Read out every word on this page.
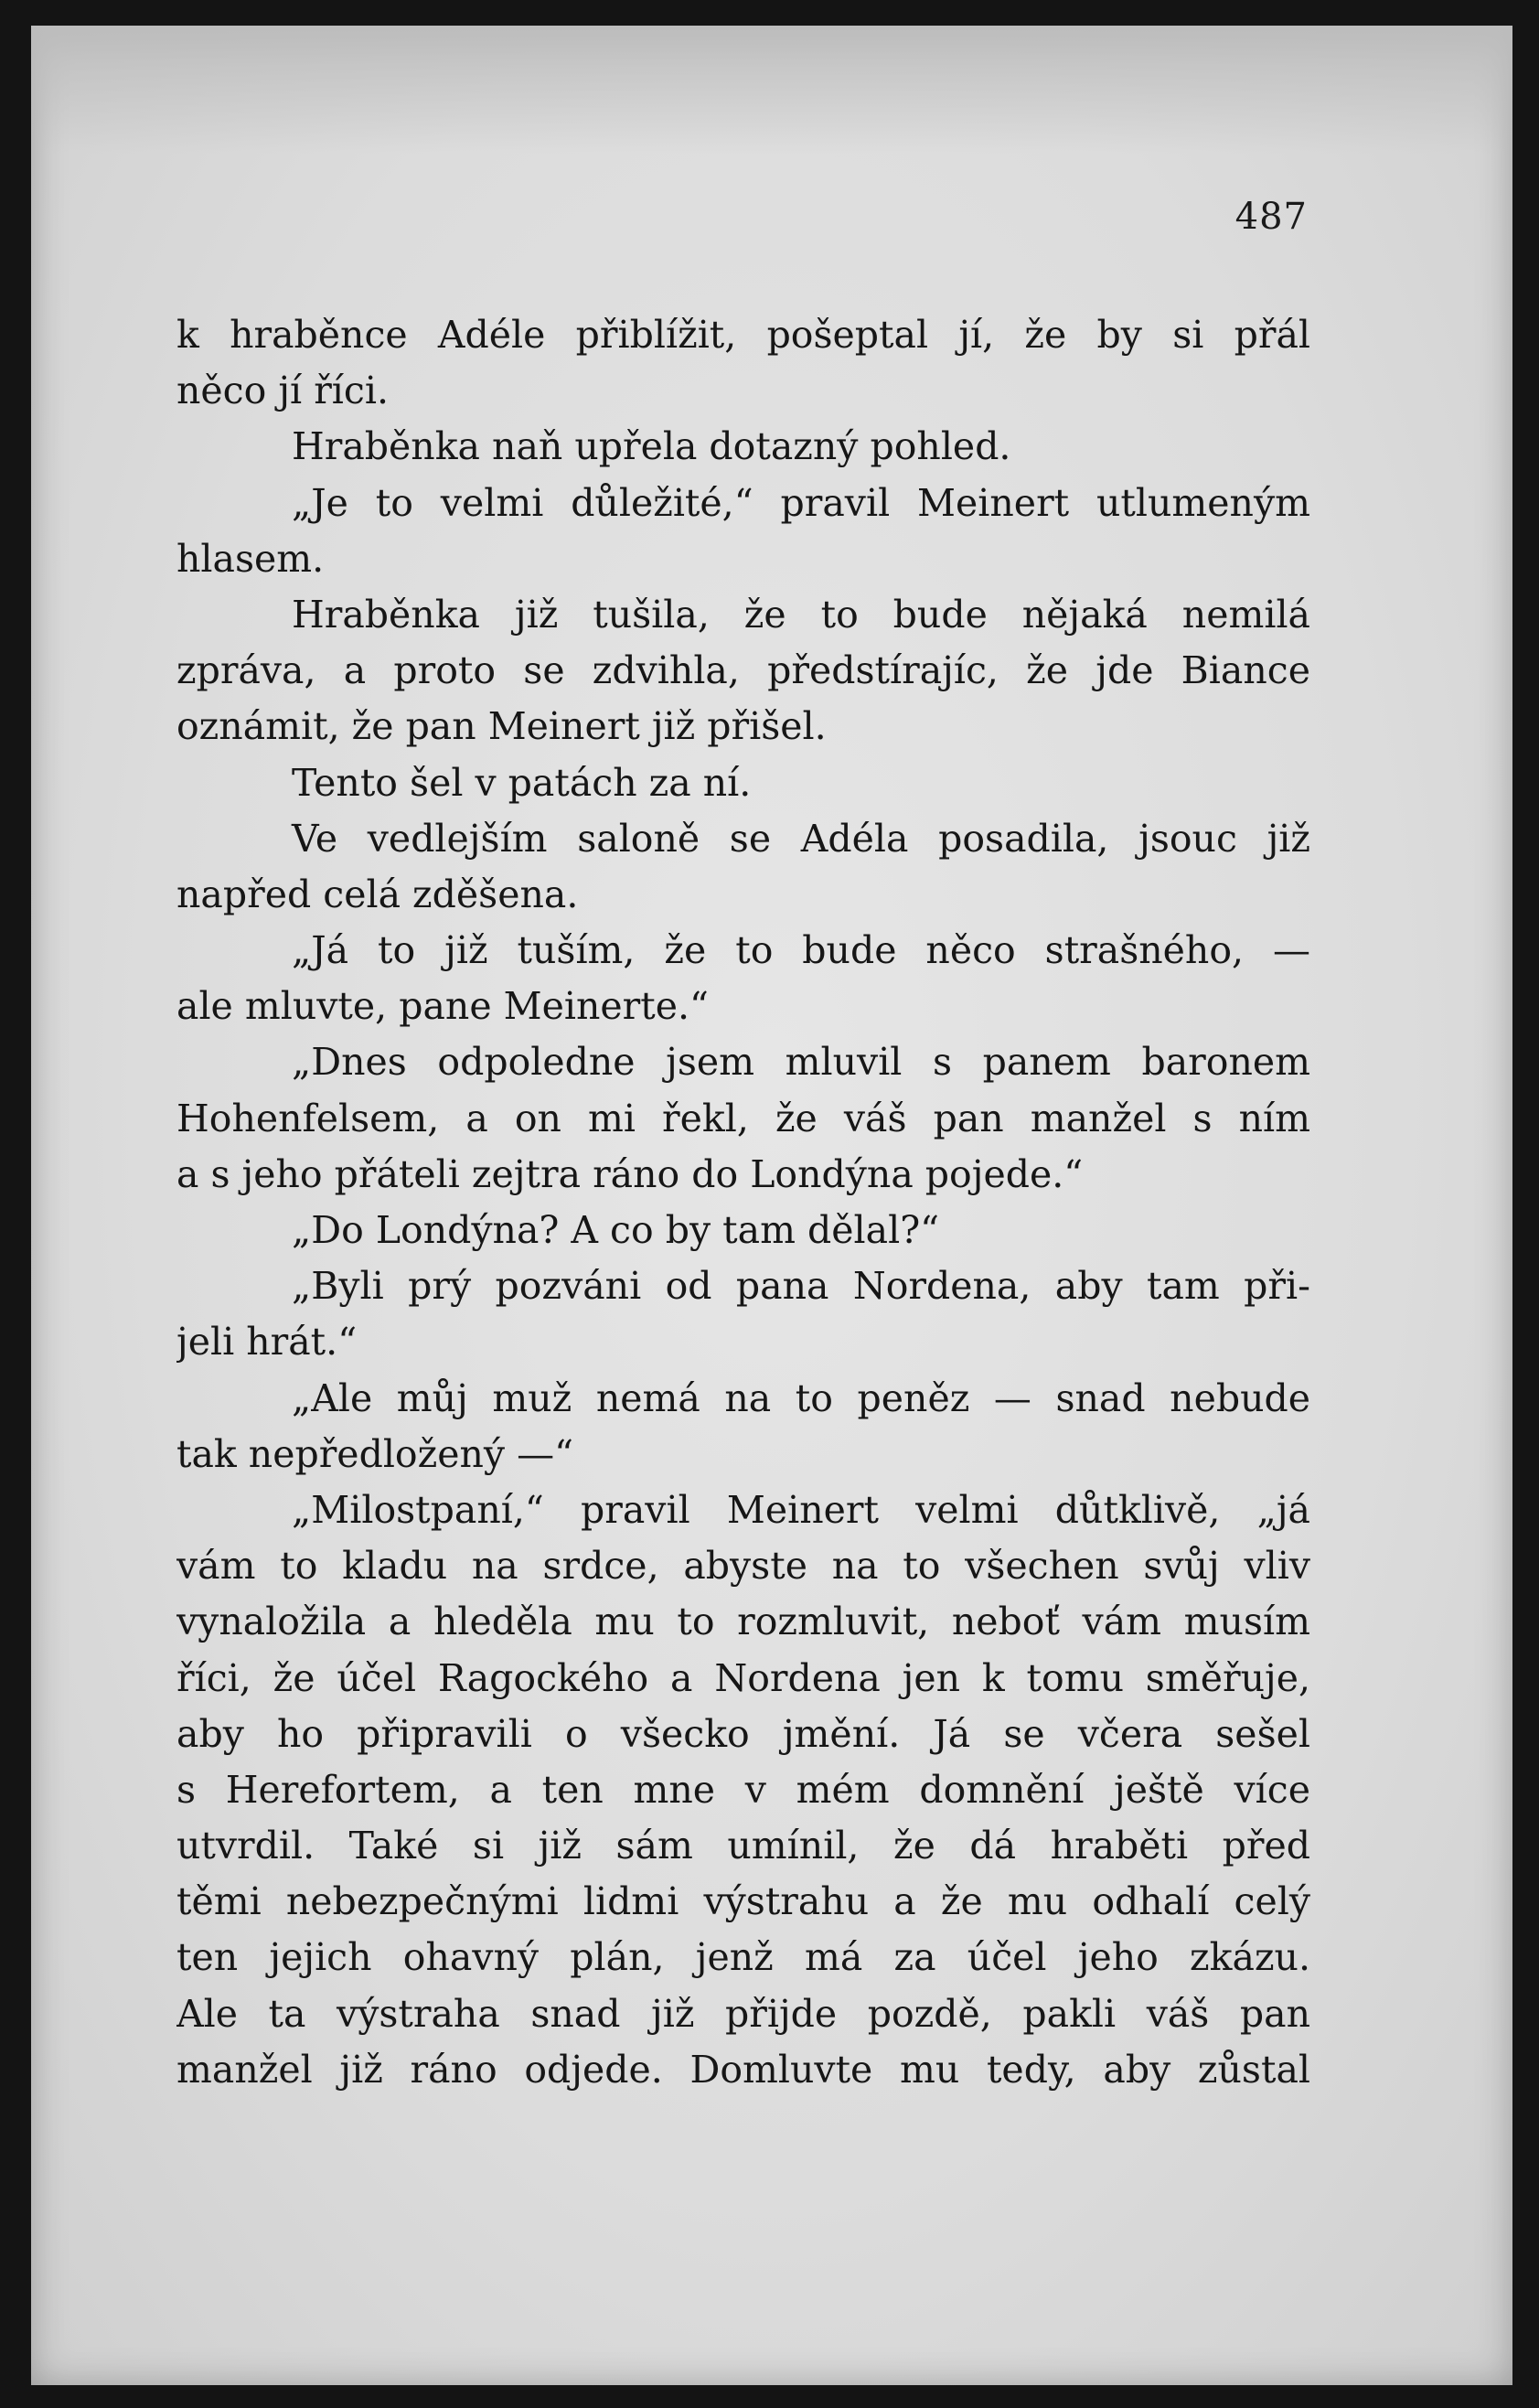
487
k hraběnce Adéle přiblížit, pošeptal jí, že by si přál
něco jí říci.
Hraběnka naň upřela dotazný pohled.
„Je to velmi důležité,“ pravil Meinert utlumeným
hlasem.
Hraběnka již tušila, že to bude nějaká nemilá
zpráva, a proto se zdvihla, předstírajíc, že jde Biance
oznámit, že pan Meinert již přišel.
Tento šel v patách za ní.
Ve vedlejším saloně se Adéla posadila, jsouc již
napřed celá zděšena.
„Já to již tuším, že to bude něco strašného, —
ale mluvte, pane Meinerte.“
„Dnes odpoledne jsem mluvil s panem baronem
Hohenfelsem, a on mi řekl, že váš pan manžel s ním
a s jeho přáteli zejtra ráno do Londýna pojede.“
„Do Londýna? A co by tam dělal?“
„Byli prý pozváni od pana Nordena, aby tam při-
jeli hrát.“
„Ale můj muž nemá na to peněz — snad nebude
tak nepředložený —“
„Milostpaní,“ pravil Meinert velmi důtklivě, „já
vám to kladu na srdce, abyste na to všechen svůj vliv
vynaložila a hleděla mu to rozmluvit, neboť vám musím
říci, že účel Ragockého a Nordena jen k tomu směřuje,
aby ho připravili o všecko jmění. Já se včera sešel
s Herefortem, a ten mne v mém domnění ještě více
utvrdil. Také si již sám umínil, že dá hraběti před
těmi nebezpečnými lidmi výstrahu a že mu odhalí celý
ten jejich ohavný plán, jenž má za účel jeho zkázu.
Ale ta výstraha snad již přijde pozdě, pakli váš pan
manžel již ráno odjede. Domluvte mu tedy, aby zůstal
